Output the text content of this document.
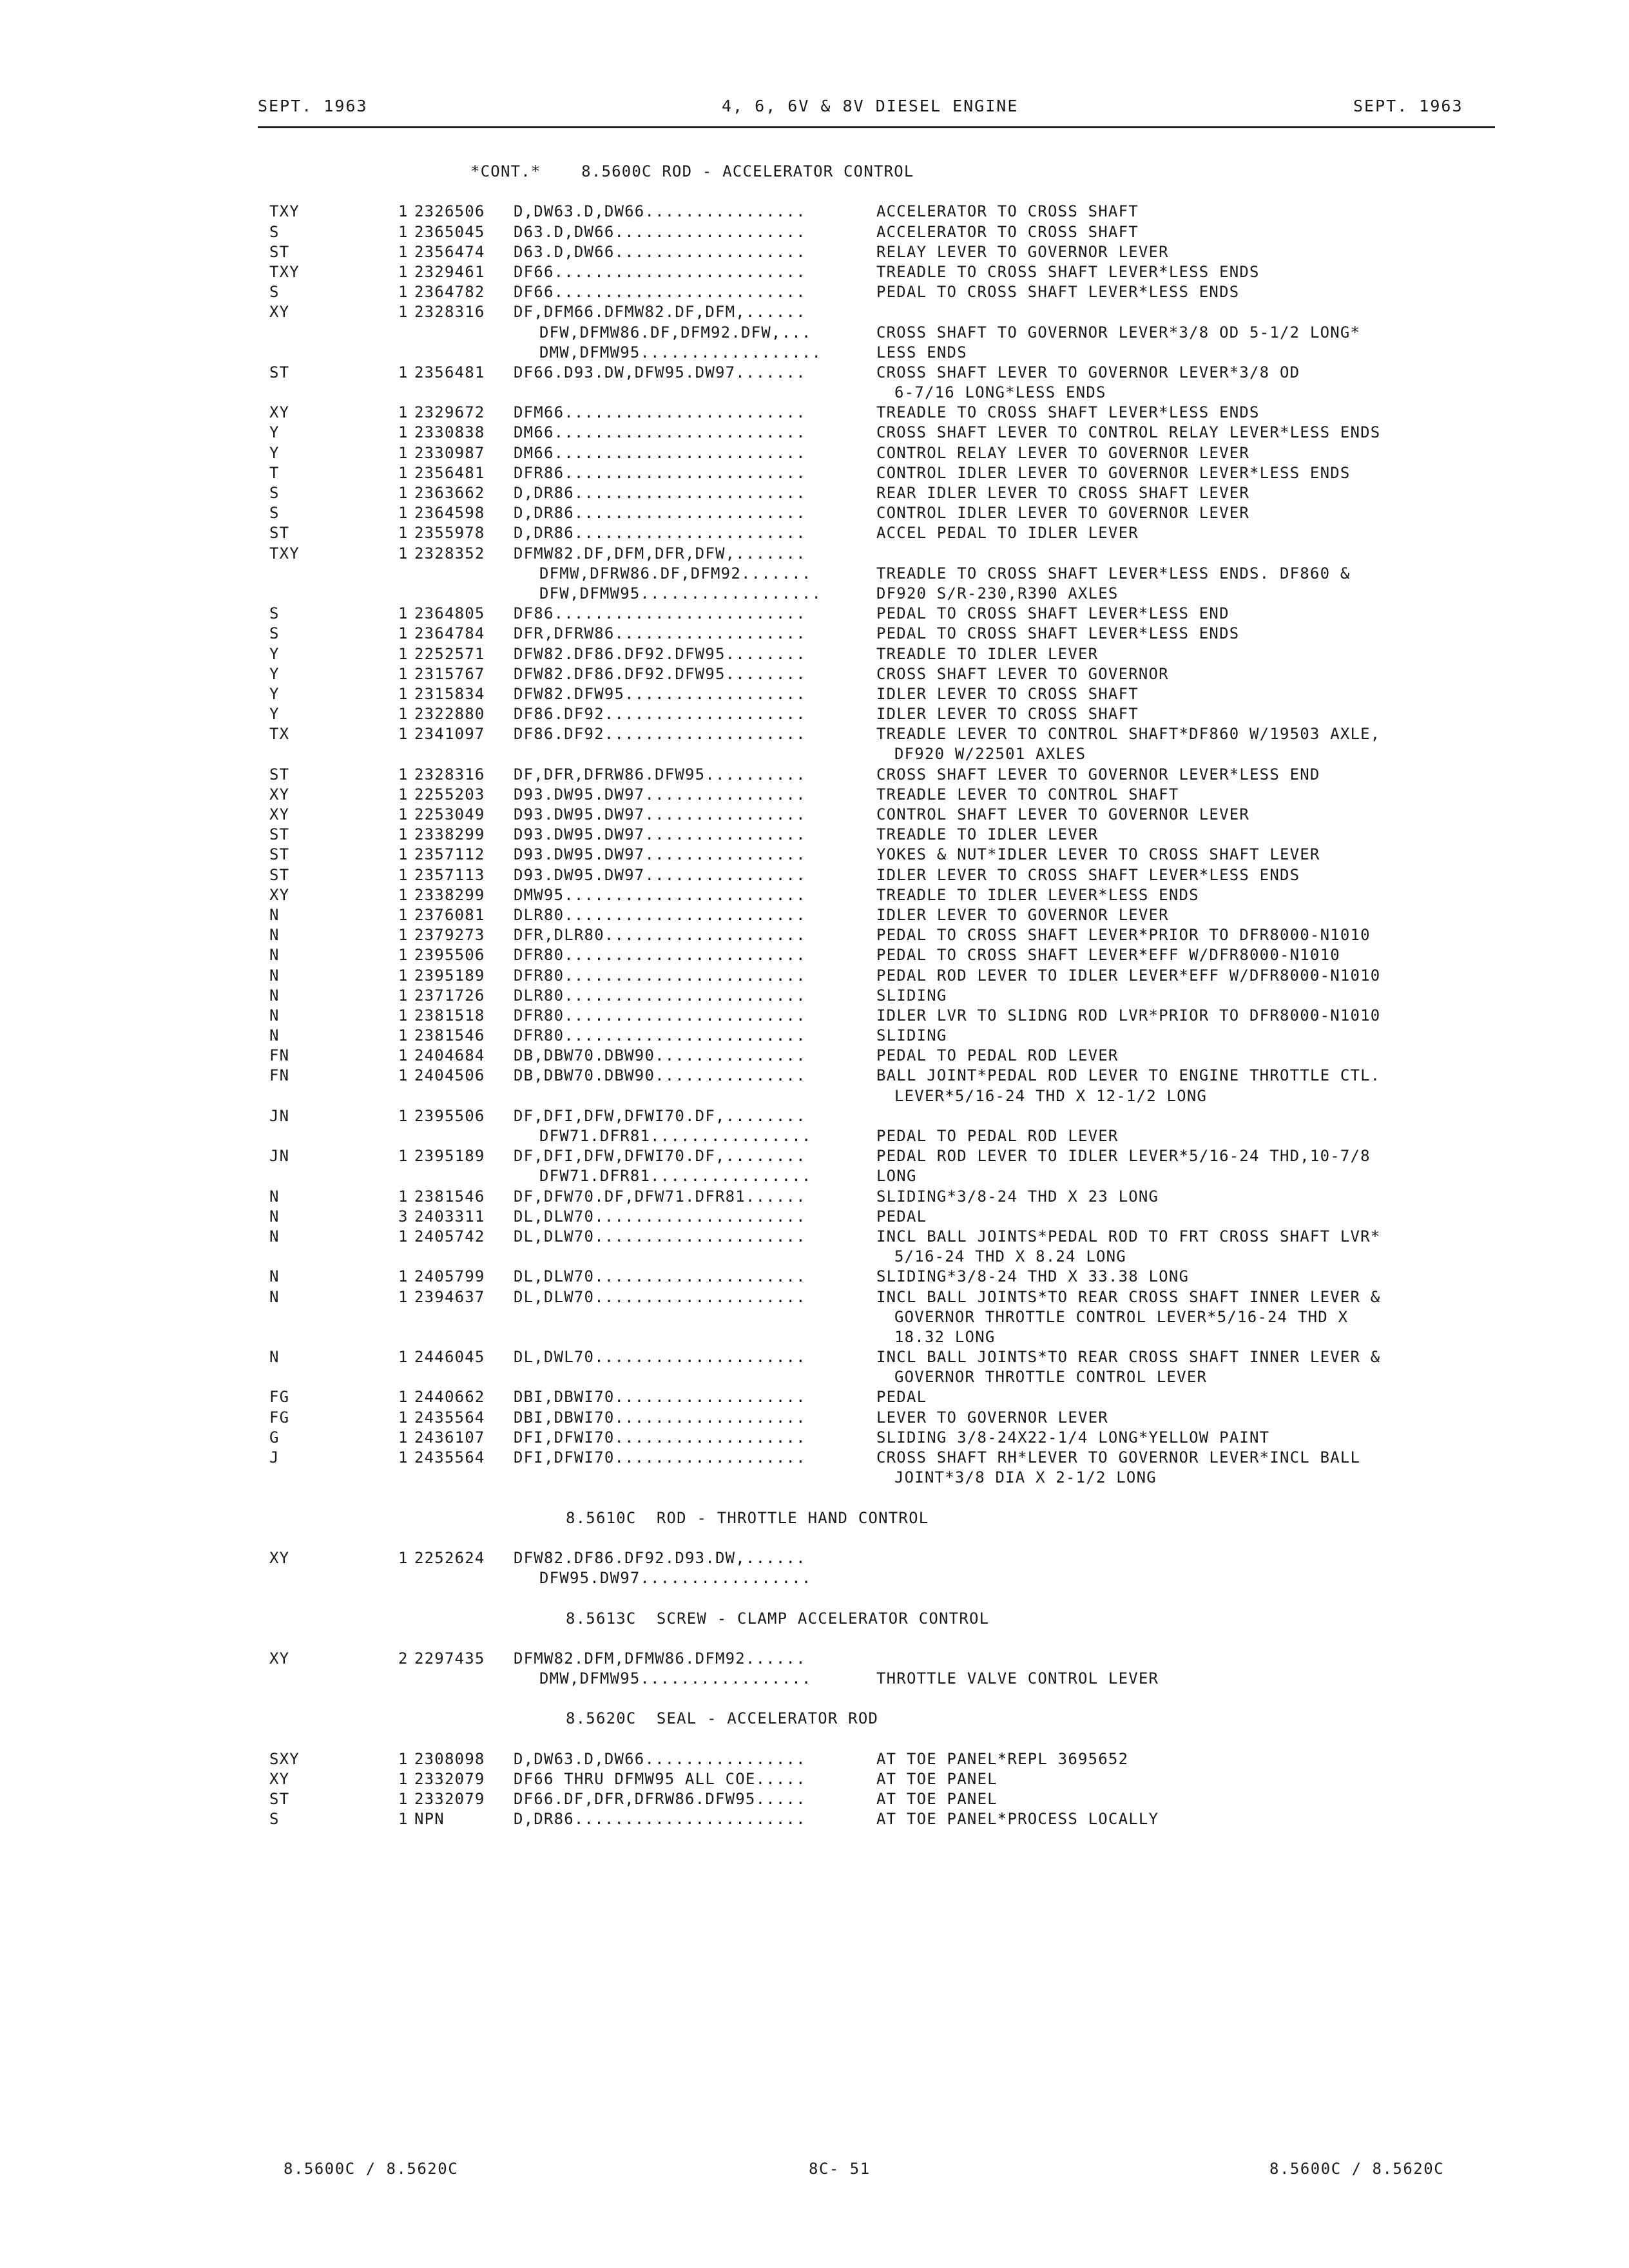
SEPT. 1963	4, 6, 6V & 8V DIESEL ENGINE	SEPT. 1963
*CONT.*    8.5600C ROD - ACCELERATOR CONTROL
TXY	1 2326506 D,DW63.D,DW66................	ACCELERATOR TO CROSS SHAFT
S	1 2365045 D63.D,DW66...................	ACCELERATOR TO CROSS SHAFT
ST	1 2356474 D63.D,DW66...................	RELAY LEVER TO GOVERNOR LEVER
TXY	1 2329461 DF66.........................	TREADLE TO CROSS SHAFT LEVER*LESS ENDS
S	1 2364782 DF66.........................	PEDAL TO CROSS SHAFT LEVER*LESS ENDS
XY	1 2328316 DF,DFM66.DFMW82.DF,DFM,......
DFW,DFMW86.DF,DFM92.DFW,...	CROSS SHAFT TO GOVERNOR LEVER*3/8 OD 5-1/2 LONG*
DMW,DFMW95..................	LESS ENDS
ST	1 2356481 DF66.D93.DW,DFW95.DW97.......	CROSS SHAFT LEVER TO GOVERNOR LEVER*3/8 OD
6-7/16 LONG*LESS ENDS
XY	1 2329672 DFM66........................	TREADLE TO CROSS SHAFT LEVER*LESS ENDS
Y	1 2330838 DM66.........................	CROSS SHAFT LEVER TO CONTROL RELAY LEVER*LESS ENDS
Y	1 2330987 DM66.........................	CONTROL RELAY LEVER TO GOVERNOR LEVER
T	1 2356481 DFR86........................	CONTROL IDLER LEVER TO GOVERNOR LEVER*LESS ENDS
S	1 2363662 D,DR86.......................	REAR IDLER LEVER TO CROSS SHAFT LEVER
S	1 2364598 D,DR86.......................	CONTROL IDLER LEVER TO GOVERNOR LEVER
ST	1 2355978 D,DR86.......................	ACCEL PEDAL TO IDLER LEVER
TXY	1 2328352 DFMW82.DF,DFM,DFR,DFW,.......
DFMW,DFRW86.DF,DFM92.......	TREADLE TO CROSS SHAFT LEVER*LESS ENDS. DF860 &
DFW,DFMW95..................	DF920 S/R-230,R390 AXLES
S	1 2364805 DF86.........................	PEDAL TO CROSS SHAFT LEVER*LESS END
S	1 2364784 DFR,DFRW86...................	PEDAL TO CROSS SHAFT LEVER*LESS ENDS
Y	1 2252571 DFW82.DF86.DF92.DFW95........	TREADLE TO IDLER LEVER
Y	1 2315767 DFW82.DF86.DF92.DFW95........	CROSS SHAFT LEVER TO GOVERNOR
Y	1 2315834 DFW82.DFW95..................	IDLER LEVER TO CROSS SHAFT
Y	1 2322880 DF86.DF92....................	IDLER LEVER TO CROSS SHAFT
TX	1 2341097 DF86.DF92....................	TREADLE LEVER TO CONTROL SHAFT*DF860 W/19503 AXLE,
DF920 W/22501 AXLES
ST	1 2328316 DF,DFR,DFRW86.DFW95..........	CROSS SHAFT LEVER TO GOVERNOR LEVER*LESS END
XY	1 2255203 D93.DW95.DW97................	TREADLE LEVER TO CONTROL SHAFT
XY	1 2253049 D93.DW95.DW97................	CONTROL SHAFT LEVER TO GOVERNOR LEVER
ST	1 2338299 D93.DW95.DW97................	TREADLE TO IDLER LEVER
ST	1 2357112 D93.DW95.DW97................	YOKES & NUT*IDLER LEVER TO CROSS SHAFT LEVER
ST	1 2357113 D93.DW95.DW97................	IDLER LEVER TO CROSS SHAFT LEVER*LESS ENDS
XY	1 2338299 DMW95........................	TREADLE TO IDLER LEVER*LESS ENDS
N	1 2376081 DLR80........................	IDLER LEVER TO GOVERNOR LEVER
N	1 2379273 DFR,DLR80....................	PEDAL TO CROSS SHAFT LEVER*PRIOR TO DFR8000-N1010
N	1 2395506 DFR80........................	PEDAL TO CROSS SHAFT LEVER*EFF W/DFR8000-N1010
N	1 2395189 DFR80........................	PEDAL ROD LEVER TO IDLER LEVER*EFF W/DFR8000-N1010
N	1 2371726 DLR80........................	SLIDING
N	1 2381518 DFR80........................	IDLER LVR TO SLIDNG ROD LVR*PRIOR TO DFR8000-N1010
N	1 2381546 DFR80........................	SLIDING
FN	1 2404684 DB,DBW70.DBW90...............	PEDAL TO PEDAL ROD LEVER
FN	1 2404506 DB,DBW70.DBW90...............	BALL JOINT*PEDAL ROD LEVER TO ENGINE THROTTLE CTL.
LEVER*5/16-24 THD X 12-1/2 LONG
JN	1 2395506 DF,DFI,DFW,DFWI70.DF,........
DFW71.DFR81................	PEDAL TO PEDAL ROD LEVER
JN	1 2395189 DF,DFI,DFW,DFWI70.DF,........	PEDAL ROD LEVER TO IDLER LEVER*5/16-24 THD,10-7/8
DFW71.DFR81................	LONG
N	1 2381546 DF,DFW70.DF,DFW71.DFR81......	SLIDING*3/8-24 THD X 23 LONG
N	3 2403311 DL,DLW70.....................	PEDAL
N	1 2405742 DL,DLW70.....................	INCL BALL JOINTS*PEDAL ROD TO FRT CROSS SHAFT LVR*
5/16-24 THD X 8.24 LONG
N	1 2405799 DL,DLW70.....................	SLIDING*3/8-24 THD X 33.38 LONG
N	1 2394637 DL,DLW70.....................	INCL BALL JOINTS*TO REAR CROSS SHAFT INNER LEVER &
GOVERNOR THROTTLE CONTROL LEVER*5/16-24 THD X
18.32 LONG
N	1 2446045 DL,DWL70.....................	INCL BALL JOINTS*TO REAR CROSS SHAFT INNER LEVER &
GOVERNOR THROTTLE CONTROL LEVER
FG	1 2440662 DBI,DBWI70...................	PEDAL
FG	1 2435564 DBI,DBWI70...................	LEVER TO GOVERNOR LEVER
G	1 2436107 DFI,DFWI70...................	SLIDING 3/8-24X22-1/4 LONG*YELLOW PAINT
J	1 2435564 DFI,DFWI70...................	CROSS SHAFT RH*LEVER TO GOVERNOR LEVER*INCL BALL
JOINT*3/8 DIA X 2-1/2 LONG
8.5610C  ROD - THROTTLE HAND CONTROL
XY	1 2252624 DFW82.DF86.DF92.D93.DW,......
DFW95.DW97.................
8.5613C  SCREW - CLAMP ACCELERATOR CONTROL
XY	2 2297435 DFMW82.DFM,DFMW86.DFM92......
DMW,DFMW95.................	THROTTLE VALVE CONTROL LEVER
8.5620C  SEAL - ACCELERATOR ROD
SXY	1 2308098 D,DW63.D,DW66................	AT TOE PANEL*REPL 3695652
XY	1 2332079 DF66 THRU DFMW95 ALL COE.....	AT TOE PANEL
ST	1 2332079 DF66.DF,DFR,DFRW86.DFW95.....	AT TOE PANEL
S	1 NPN	D,DR86.......................	AT TOE PANEL*PROCESS LOCALLY
8.5600C / 8.5620C	8C- 51	8.5600C / 8.5620C
